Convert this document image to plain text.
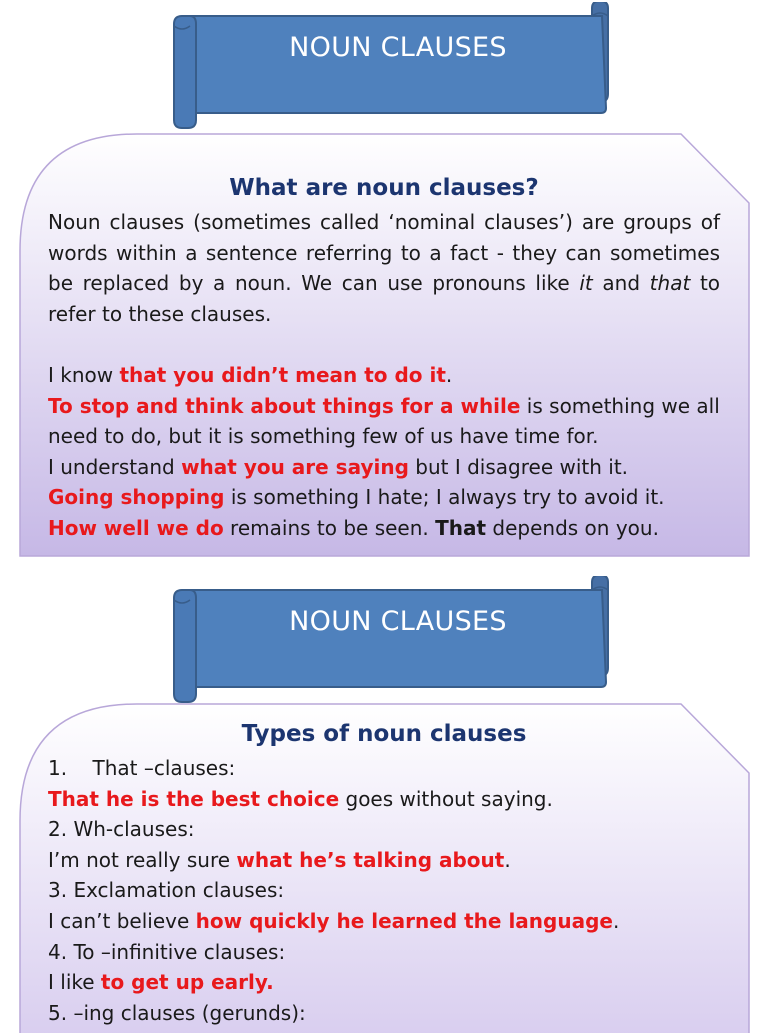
NOUN CLAUSES
What are noun clauses?

Noun clauses (sometimes called ‘nominal clauses’) are groups of words within a sentence referring to a fact - they can sometimes be replaced by a noun. We can use pronouns like it and that to refer to these clauses.

I know that you didn’t mean to do it.
To stop and think about things for a while is something we all need to do, but it is something few of us have time for.
I understand what you are saying but I disagree with it.
Going shopping is something I hate; I always try to avoid it.
How well we do remains to be seen. That depends on you.
NOUN CLAUSES
Types of noun clauses
1. That –clauses:
That he is the best choice goes without saying.
2. Wh-clauses:
I’m not really sure what he’s talking about.
3. Exclamation clauses:
I can’t believe how quickly he learned the language.
4. To –infinitive clauses:
I like to get up early.
5. –ing clauses (gerunds):
